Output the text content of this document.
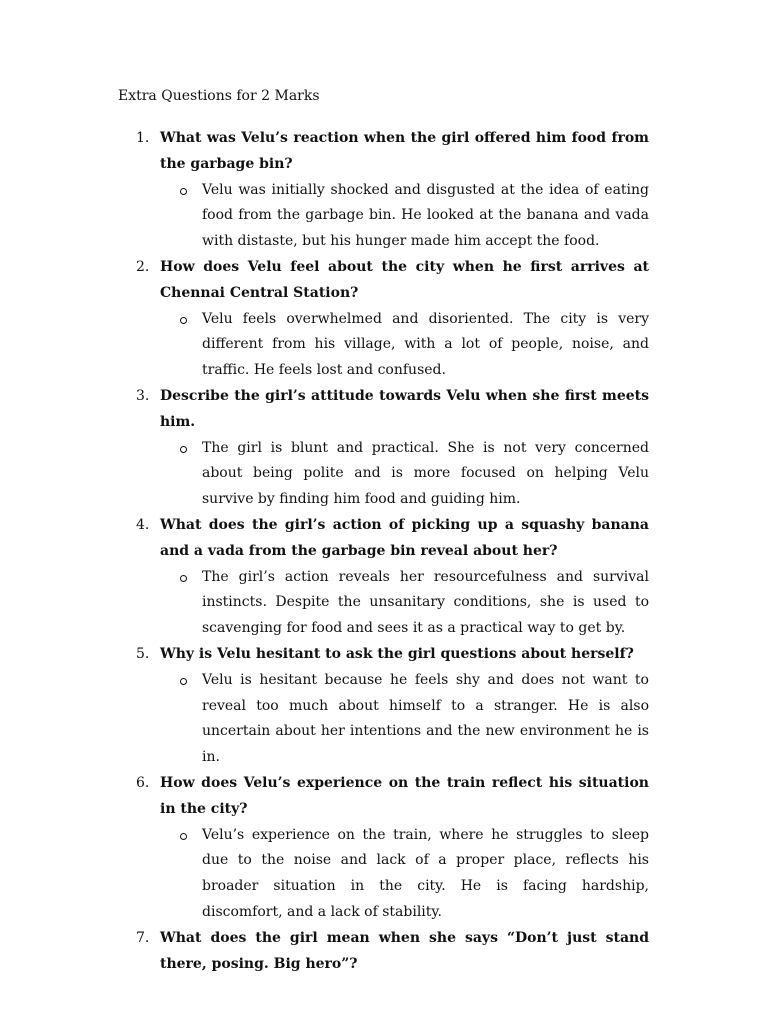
Extra Questions for 2 Marks
1. What was Velu’s reaction when the girl offered him food from the garbage bin?
Velu was initially shocked and disgusted at the idea of eating food from the garbage bin. He looked at the banana and vada with distaste, but his hunger made him accept the food.
2. How does Velu feel about the city when he first arrives at Chennai Central Station?
Velu feels overwhelmed and disoriented. The city is very different from his village, with a lot of people, noise, and traffic. He feels lost and confused.
3. Describe the girl’s attitude towards Velu when she first meets him.
The girl is blunt and practical. She is not very concerned about being polite and is more focused on helping Velu survive by finding him food and guiding him.
4. What does the girl’s action of picking up a squashy banana and a vada from the garbage bin reveal about her?
The girl’s action reveals her resourcefulness and survival instincts. Despite the unsanitary conditions, she is used to scavenging for food and sees it as a practical way to get by.
5. Why is Velu hesitant to ask the girl questions about herself?
Velu is hesitant because he feels shy and does not want to reveal too much about himself to a stranger. He is also uncertain about her intentions and the new environment he is in.
6. How does Velu’s experience on the train reflect his situation in the city?
Velu’s experience on the train, where he struggles to sleep due to the noise and lack of a proper place, reflects his broader situation in the city. He is facing hardship, discomfort, and a lack of stability.
7. What does the girl mean when she says “Don’t just stand there, posing. Big hero”?
